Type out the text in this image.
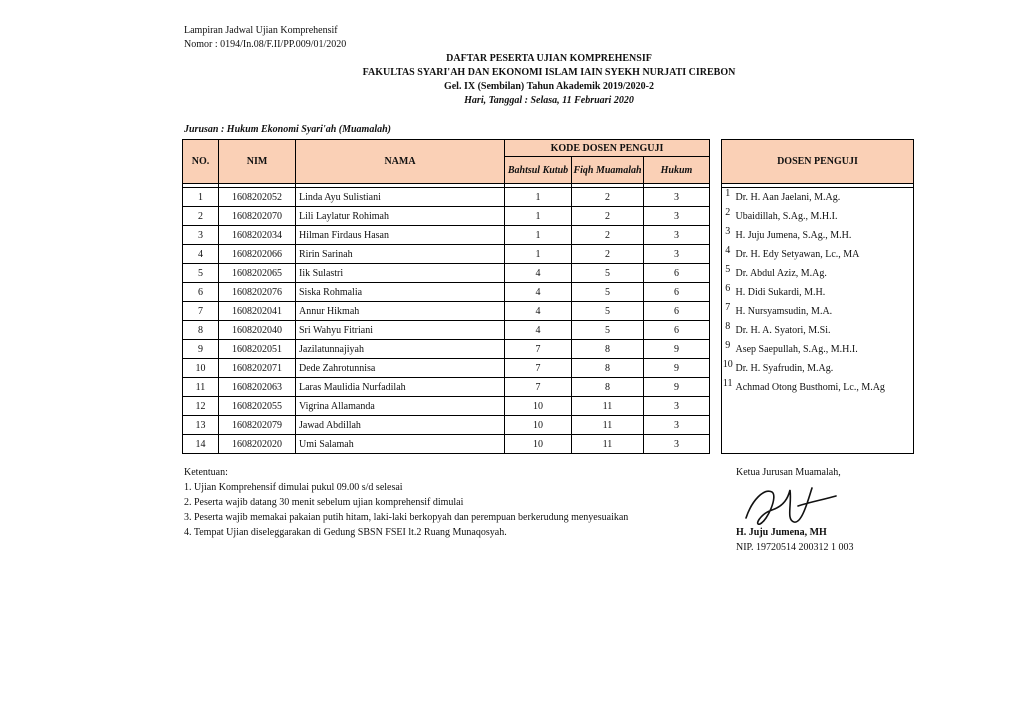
Lampiran Jadwal Ujian Komprehensif
Nomor : 0194/In.08/F.II/PP.009/01/2020
DAFTAR PESERTA UJIAN KOMPREHENSIF
FAKULTAS SYARI'AH DAN EKONOMI ISLAM IAIN SYEKH NURJATI CIREBON
Gel. IX (Sembilan) Tahun Akademik 2019/2020-2
Hari, Tanggal : Selasa, 11 Februari 2020
Jurusan : Hukum Ekonomi Syari'ah (Muamalah)
NO.	NIM	NAMA	KODE DOSEN PENGUJI				DOSEN PENGUJI	
			Bahtsul Kutub	Fiqh Muamalah	Hukum			

1	1608202052	Linda Ayu Sulistiani	1	2	3		1	Dr. H. Aan Jaelani, M.Ag.
2	1608202070	Lili Laylatur Rohimah	1	2	3		2	Ubaidillah, S.Ag., M.H.I.
3	1608202034	Hilman Firdaus Hasan	1	2	3		3	H. Juju Jumena, S.Ag., M.H.
4	1608202066	Ririn Sarinah	1	2	3		4	Dr. H. Edy Setyawan, Lc., MA
5	1608202065	Iik Sulastri	4	5	6		5	Dr. Abdul Aziz, M.Ag.
6	1608202076	Siska Rohmalia	4	5	6		6	H. Didi Sukardi, M.H.
7	1608202041	Annur Hikmah	4	5	6		7	H. Nursyamsudin, M.A.
8	1608202040	Sri Wahyu Fitriani	4	5	6		8	Dr. H. A. Syatori, M.Si.
9	1608202051	Jazilatunnajiyah	7	8	9		9	Asep Saepullah, S.Ag., M.H.I.
10	1608202071	Dede Zahrotunnisa	7	8	9		10	Dr. H. Syafrudin, M.Ag.
11	1608202063	Laras Maulidia Nurfadilah	7	8	9		11	Achmad Otong Busthomi, Lc., M.Ag
12	1608202055	Vigrina Allamanda	10	11	3			
13	1608202079	Jawad Abdillah	10	11	3			
14	1608202020	Umi Salamah	10	11	3			
Ketentuan:
1. Ujian Komprehensif dimulai pukul 09.00 s/d selesai
2. Peserta wajib datang 30 menit sebelum ujian komprehensif dimulai
3. Peserta wajib memakai pakaian putih hitam, laki-laki berkopyah dan perempuan berkerudung menyesuaikan
4. Tempat Ujian diseleggarakan di Gedung SBSN FSEI lt.2 Ruang Munaqosyah.
Ketua Jurusan Muamalah,
H. Juju Jumena, MH
NIP. 19720514 200312 1 003
